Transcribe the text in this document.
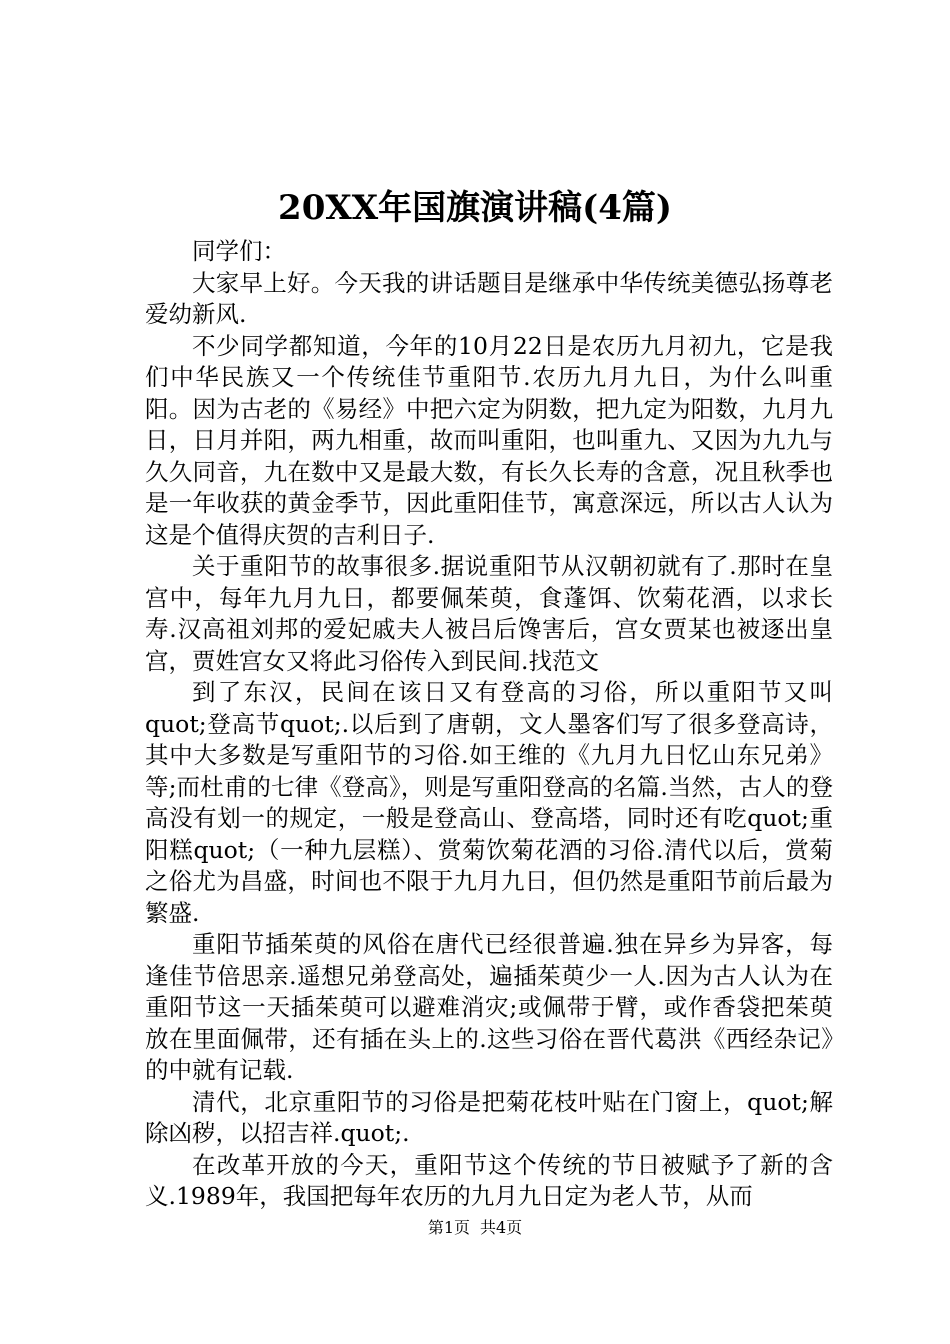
20XX年国旗演讲稿(4篇)

同学们：

大家早上好。今天我的讲话题目是继承中华传统美德弘扬尊老爱幼新风.

不少同学都知道，今年的10月22日是农历九月初九，它是我们中华民族又一个传统佳节重阳节.农历九月九日，为什么叫重阳。因为古老的《易经》中把六定为阴数，把九定为阳数，九月九日，日月并阳，两九相重，故而叫重阳，也叫重九、又因为九九与久久同音，九在数中又是最大数，有长久长寿的含意，况且秋季也是一年收获的黄金季节，因此重阳佳节，寓意深远，所以古人认为这是个值得庆贺的吉利日子.

关于重阳节的故事很多.据说重阳节从汉朝初就有了.那时在皇宫中，每年九月九日，都要佩茱萸，食蓬饵、饮菊花酒，以求长寿.汉高祖刘邦的爱妃戚夫人被吕后馋害后，宫女贾某也被逐出皇宫，贾姓宫女又将此习俗传入到民间.找范文

到了东汉，民间在该日又有登高的习俗，所以重阳节又叫quot;登高节quot;.以后到了唐朝，文人墨客们写了很多登高诗，其中大多数是写重阳节的习俗.如王维的《九月九日忆山东兄弟》等;而杜甫的七律《登高》，则是写重阳登高的名篇.当然，古人的登高没有划一的规定，一般是登高山、登高塔，同时还有吃quot;重阳糕quot;（一种九层糕）、赏菊饮菊花酒的习俗.清代以后，赏菊之俗尤为昌盛，时间也不限于九月九日，但仍然是重阳节前后最为繁盛.

重阳节插茱萸的风俗在唐代已经很普遍.独在异乡为异客，每逢佳节倍思亲.遥想兄弟登高处，遍插茱萸少一人.因为古人认为在重阳节这一天插茱萸可以避难消灾;或佩带于臂，或作香袋把茱萸放在里面佩带，还有插在头上的.这些习俗在晋代葛洪《西经杂记》的中就有记载.

清代，北京重阳节的习俗是把菊花枝叶贴在门窗上，quot;解除凶秽，以招吉祥.quot;.

在改革开放的今天，重阳节这个传统的节日被赋予了新的含义.1989年，我国把每年农历的九月九日定为老人节，从而

第1页 共4页
